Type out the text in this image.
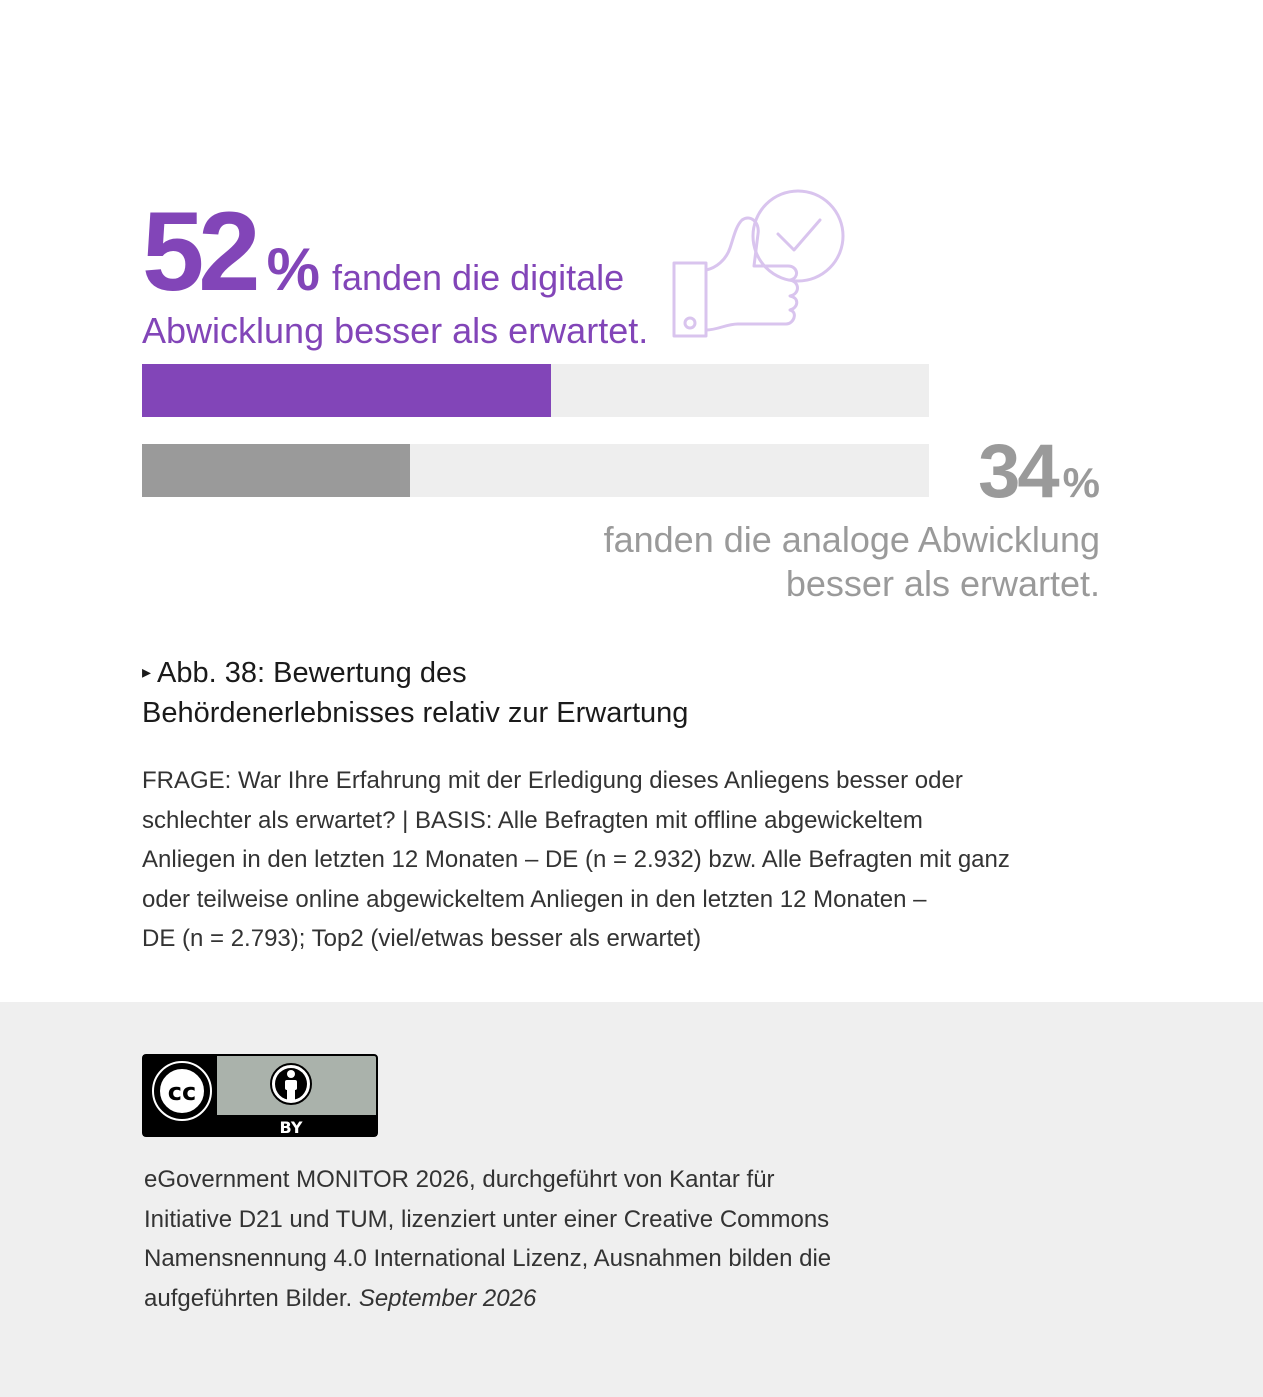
52 % fanden die digitale
Abwicklung besser als erwartet.
34 %
fanden die analoge Abwicklung
besser als erwartet.
▸ Abb. 38: Bewertung des
Behördenerlebnisses relativ zur Erwartung
FRAGE: War Ihre Erfahrung mit der Erledigung dieses Anliegens besser oder
schlechter als erwartet? | BASIS: Alle Befragten mit offline abgewickeltem
Anliegen in den letzten 12 Monaten – DE (n = 2.932) bzw. Alle Befragten mit ganz
oder teilweise online abgewickeltem Anliegen in den letzten 12 Monaten –
DE (n = 2.793); Top2 (viel/etwas besser als erwartet)
cc
BY
eGovernment MONITOR 2026, durchgeführt von Kantar für
Initiative D21 und TUM, lizenziert unter einer Creative Commons
Namensnennung 4.0 International Lizenz, Ausnahmen bilden die
aufgeführten Bilder. September 2026
